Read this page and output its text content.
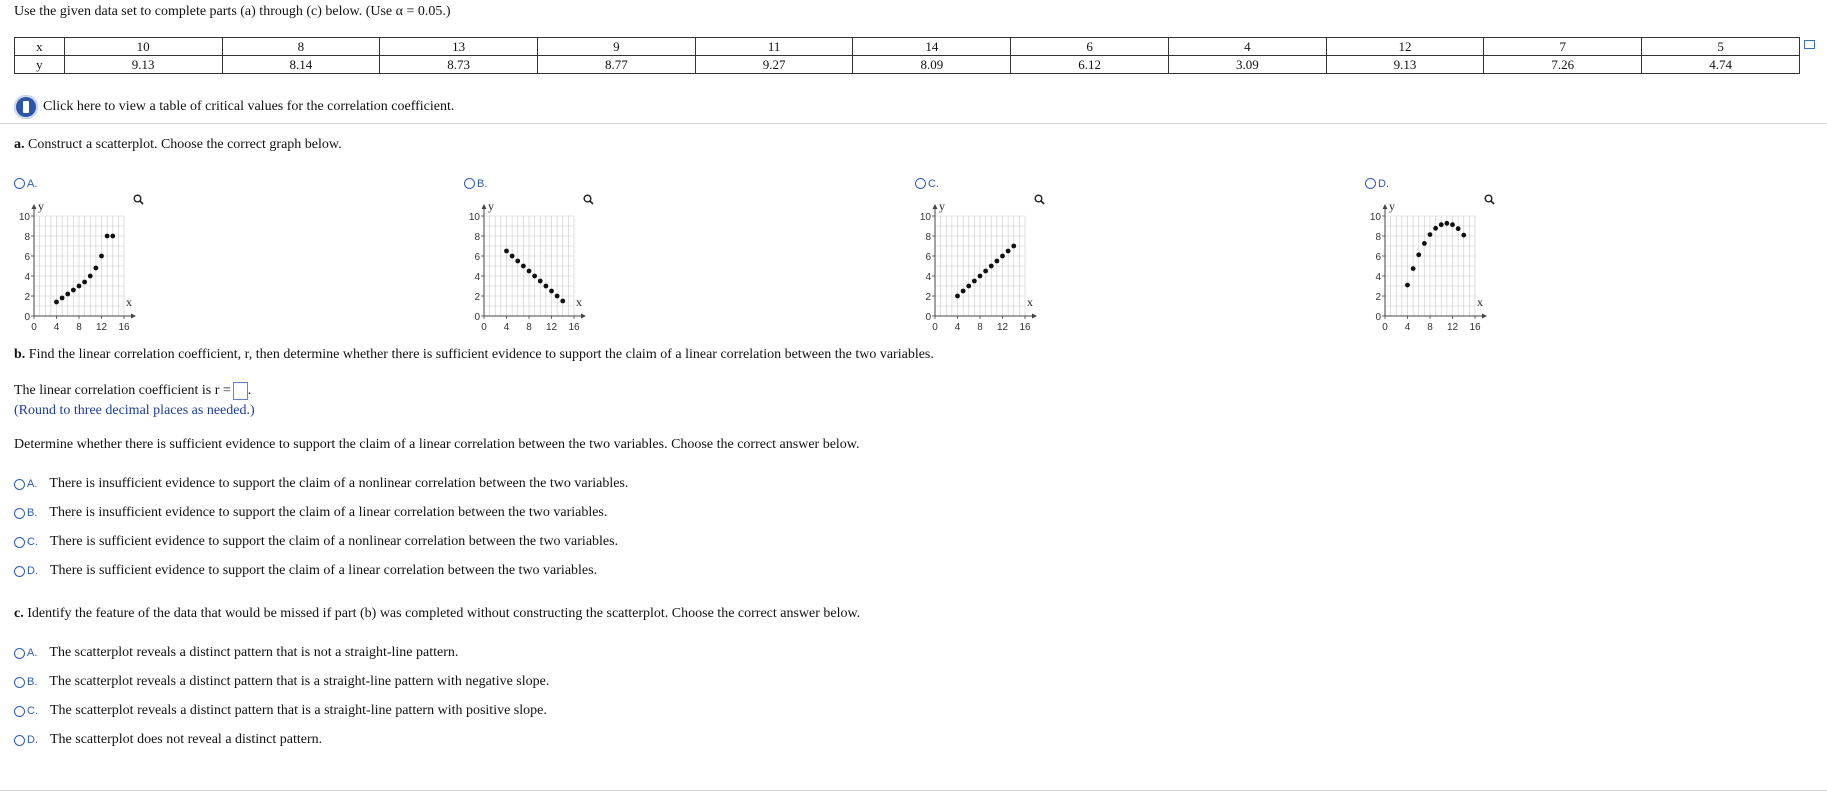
Use the given data set to complete parts (a) through (c) below. (Use α = 0.05.)
x	10	8	13	9	11	14	6	4	12	7	5
y	9.13	8.14	8.73	8.77	9.27	8.09	6.12	3.09	9.13	7.26	4.74
Click here to view a table of critical values for the correlation coefficient.
a. Construct a scatterplot. Choose the correct graph below.
A.
y
x
10
8
6
4
2
0
0 4 8 12 16
B.
y
x
10
8
6
4
2
0
0 4 8 12 16
C.
y
x
10
8
6
4
2
0
0 4 8 12 16
D.
y
x
10
8
6
4
2
0
0 4 8 12 16
b. Find the linear correlation coefficient, r, then determine whether there is sufficient evidence to support the claim of a linear correlation between the two variables.
The linear correlation coefficient is r = .
(Round to three decimal places as needed.)
Determine whether there is sufficient evidence to support the claim of a linear correlation between the two variables. Choose the correct answer below.
A. There is insufficient evidence to support the claim of a nonlinear correlation between the two variables.
B. There is insufficient evidence to support the claim of a linear correlation between the two variables.
C. There is sufficient evidence to support the claim of a nonlinear correlation between the two variables.
D. There is sufficient evidence to support the claim of a linear correlation between the two variables.
c. Identify the feature of the data that would be missed if part (b) was completed without constructing the scatterplot. Choose the correct answer below.
A. The scatterplot reveals a distinct pattern that is not a straight-line pattern.
B. The scatterplot reveals a distinct pattern that is a straight-line pattern with negative slope.
C. The scatterplot reveals a distinct pattern that is a straight-line pattern with positive slope.
D. The scatterplot does not reveal a distinct pattern.
